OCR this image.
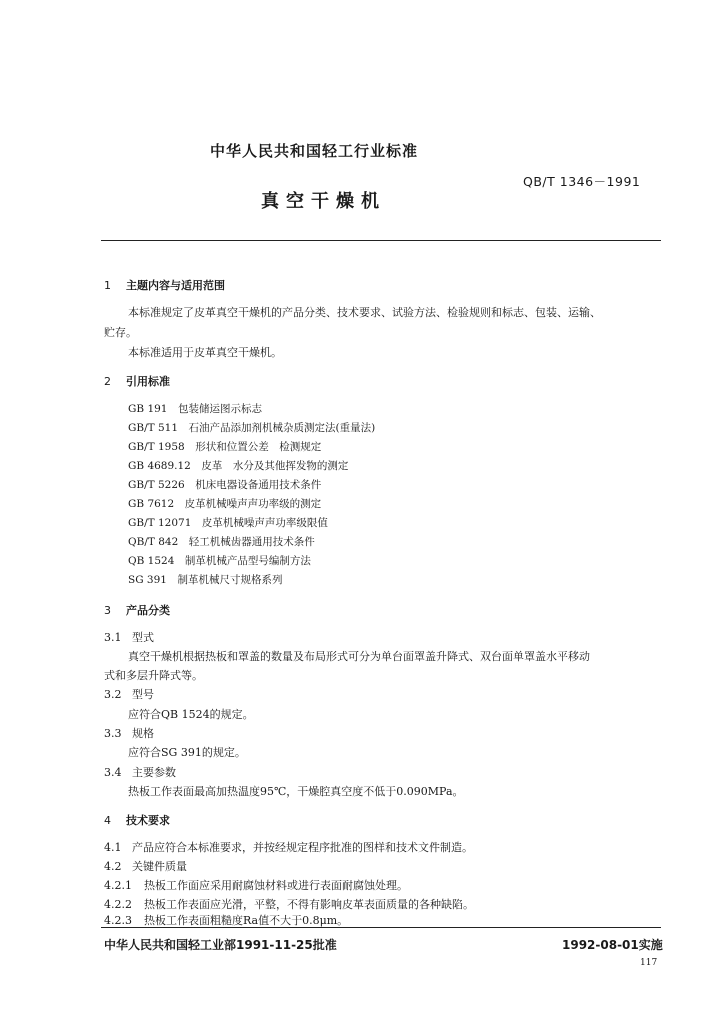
中华人民共和国轻工行业标准
QB/T 1346－1991
真空干燥机
1 主题内容与适用范围
本标准规定了皮革真空干燥机的产品分类、技术要求、试验方法、检验规则和标志、包装、运输、
贮存。
本标准适用于皮革真空干燥机。
2 引用标准
GB 191　包装储运图示标志
GB/T 511　石油产品添加剂机械杂质测定法(重量法)
GB/T 1958　形状和位置公差　检测规定
GB 4689.12　皮革　水分及其他挥发物的测定
GB/T 5226　机床电器设备通用技术条件
GB 7612　皮革机械噪声声功率级的测定
GB/T 12071　皮革机械噪声声功率级限值
QB/T 842　轻工机械齿器通用技术条件
QB 1524　制革机械产品型号编制方法
SG 391　制革机械尺寸规格系列
3 产品分类
3.1 型式
真空干燥机根据热板和罩盖的数量及布局形式可分为单台面罩盖升降式、双台面单罩盖水平移动
式和多层升降式等。
3.2 型号
应符合QB 1524的规定。
3.3 规格
应符合SG 391的规定。
3.4 主要参数
热板工作表面最高加热温度95℃，干燥腔真空度不低于0.090MPa。
4 技术要求
4.1 产品应符合本标准要求，并按经规定程序批准的图样和技术文件制造。
4.2 关键件质量
4.2.1 热板工作面应采用耐腐蚀材料或进行表面耐腐蚀处理。
4.2.2 热板工作表面应光滑，平整，不得有影响皮革表面质量的各种缺陷。
4.2.3 热板工作表面粗糙度Ra值不大于0.8μm。
中华人民共和国轻工业部1991-11-25批准	1992-08-01实施
117
